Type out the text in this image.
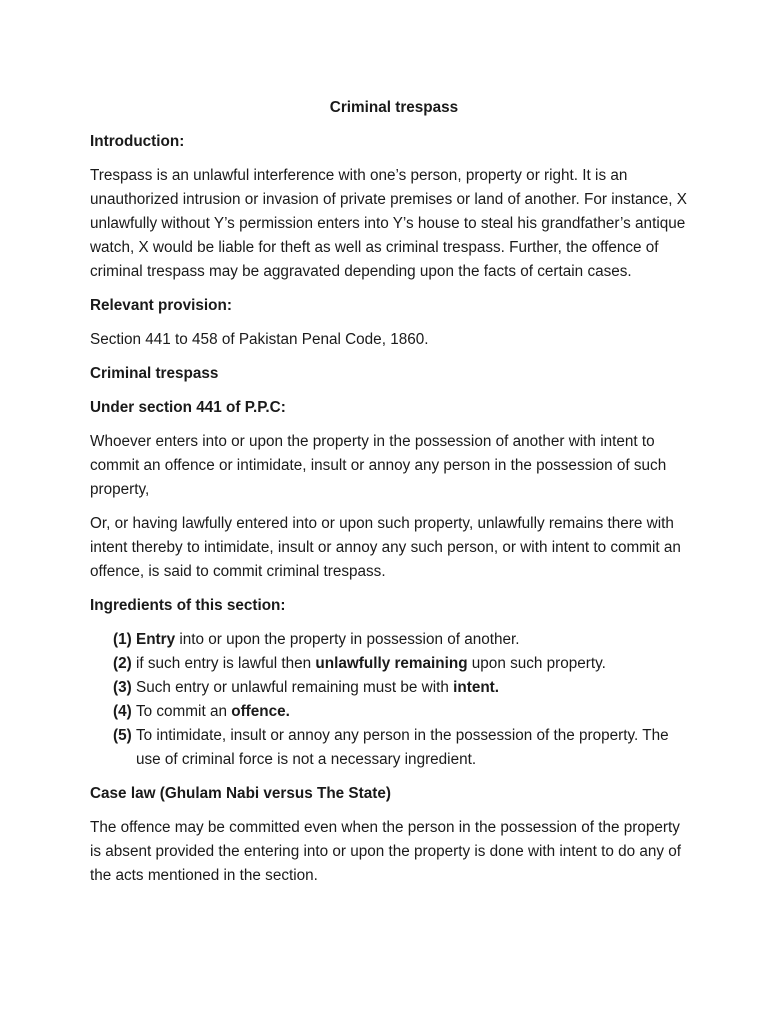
Criminal trespass

Introduction:

Trespass is an unlawful interference with one’s person, property or right. It is an unauthorized intrusion or invasion of private premises or land of another. For instance, X unlawfully without Y’s permission enters into Y’s house to steal his grandfather’s antique watch, X would be liable for theft as well as criminal trespass. Further, the offence of criminal trespass may be aggravated depending upon the facts of certain cases.

Relevant provision:

Section 441 to 458 of Pakistan Penal Code, 1860.

Criminal trespass

Under section 441 of P.P.C:

Whoever enters into or upon the property in the possession of another with intent to commit an offence or intimidate, insult or annoy any person in the possession of such property,

Or, or having lawfully entered into or upon such property, unlawfully remains there with intent thereby to intimidate, insult or annoy any such person, or with intent to commit an offence, is said to commit criminal trespass.

Ingredients of this section:

(1) Entry into or upon the property in possession of another.
(2) if such entry is lawful then unlawfully remaining upon such property.
(3) Such entry or unlawful remaining must be with intent.
(4) To commit an offence.
(5) To intimidate, insult or annoy any person in the possession of the property. The use of criminal force is not a necessary ingredient.

Case law (Ghulam Nabi versus The State)

The offence may be committed even when the person in the possession of the property is absent provided the entering into or upon the property is done with intent to do any of the acts mentioned in the section.
